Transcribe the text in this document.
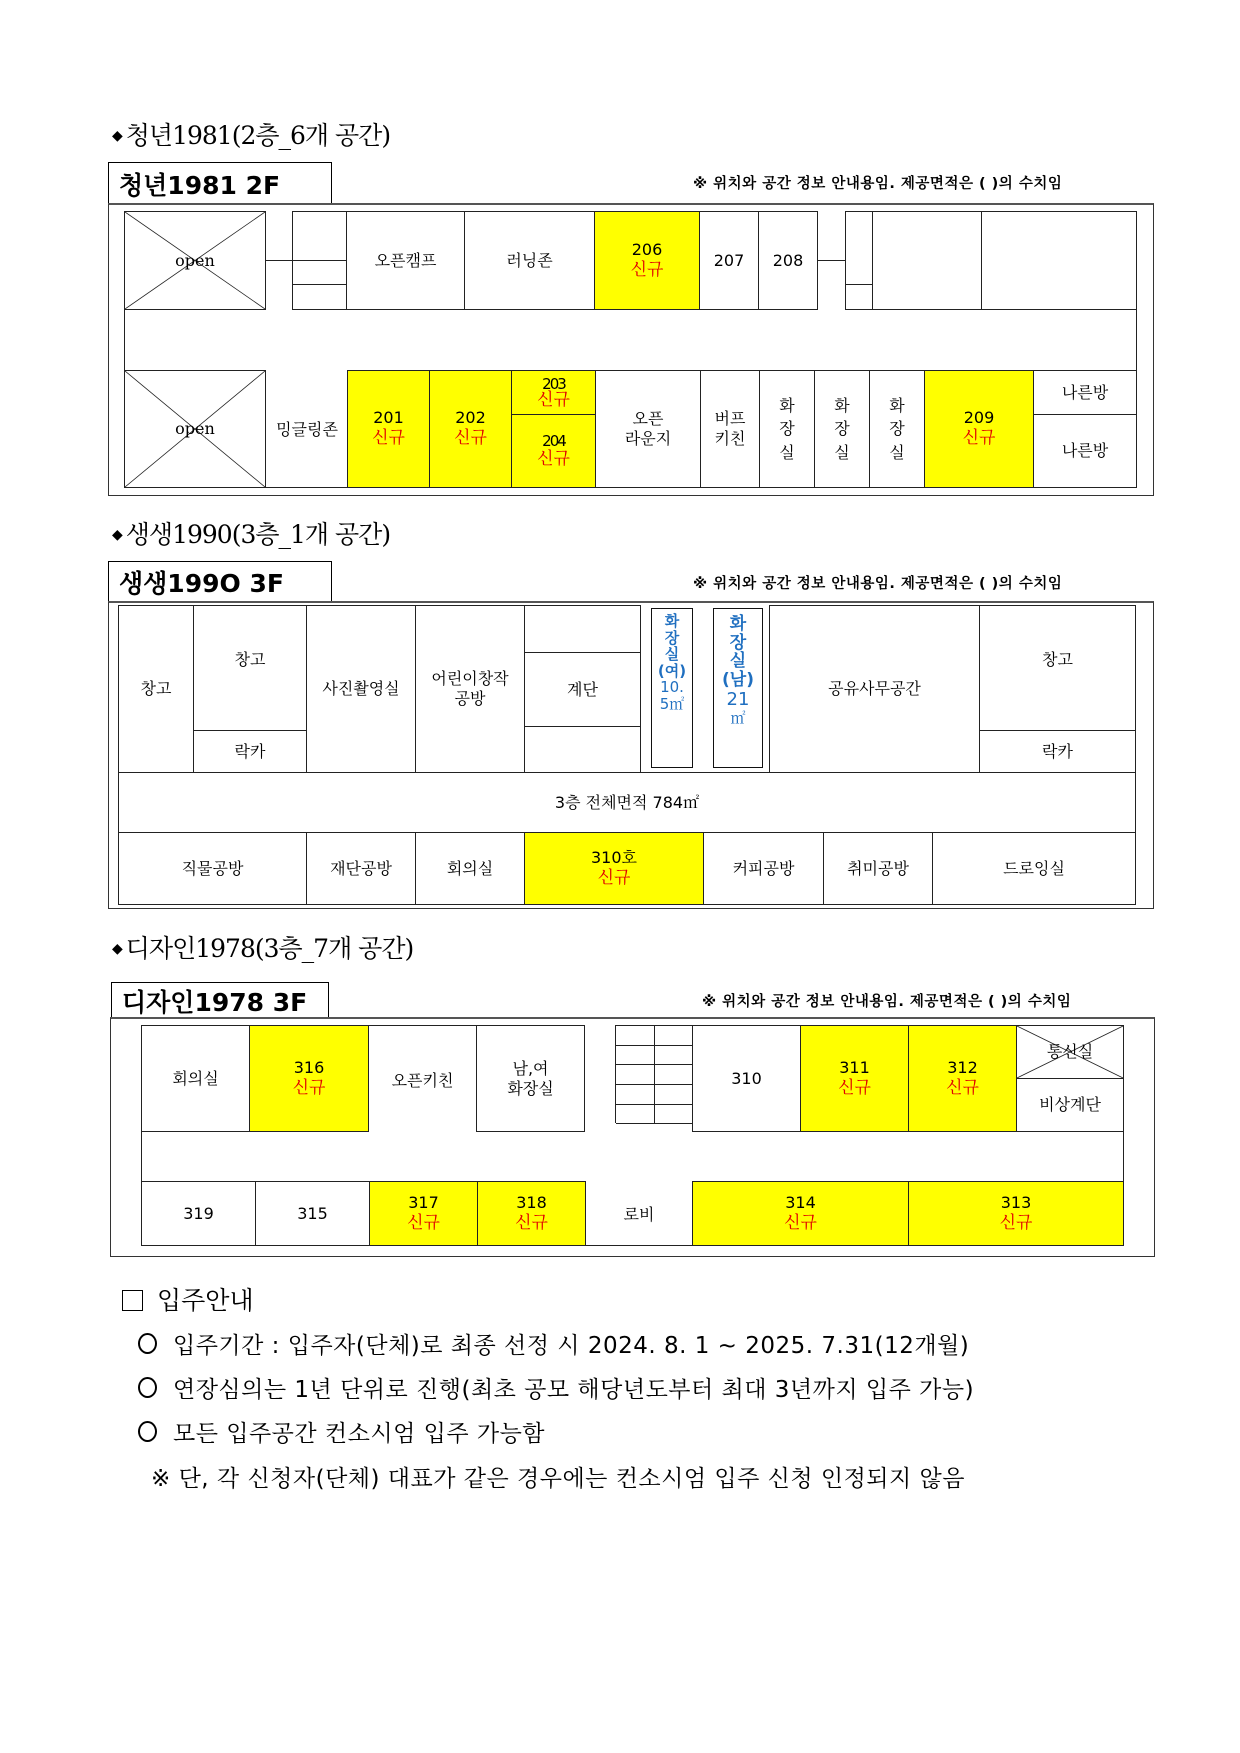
◆ 청년1981(2층_6개 공간)
청년1981 2F	※ 위치와 공간 정보 안내용임. 제공면적은 ( )의 수치임
open	오픈캠프	러닝존
206
신규	207 208
open	밍글링존
201
신규
202
신규
203
신규
204
신규
오픈
라운지
버프
키친
화
장
실
화
장
실
화
장
실
209
신규
나른방
나른방
◆ 생생1990(3층_1개 공간)
생생199O 3F	※ 위치와 공간 정보 안내용임. 제공면적은 ( )의 수치임
창고
창고
락카
사진촬영실
어린이창작
공방	계단
화
장
실
(여)
10.
5㎡
화
장
실
(남)
21
㎡
공유사무공간
창고
락카
3층 전체면적 784㎡
직물공방	재단공방	회의실
310호
신규	커피공방	취미공방	드로잉실
◆ 디자인1978(3층_7개 공간)
디자인1978 3F	※ 위치와 공간 정보 안내용임. 제공면적은 ( )의 수치임
회의실
316
신규	오픈키친
남,여
화장실
310
311
신규
312
신규
통신실
비상계단
319	315
317
신규
318
신규	로비
314
신규
313
신규
입주안내
입주기간 : 입주자(단체)로 최종 선정 시 2024. 8. 1 ~ 2025. 7.31(12개월)
연장심의는 1년 단위로 진행(최초 공모 해당년도부터 최대 3년까지 입주 가능)
모든 입주공간 컨소시엄 입주 가능함
※ 단, 각 신청자(단체) 대표가 같은 경우에는 컨소시엄 입주 신청 인정되지 않음
